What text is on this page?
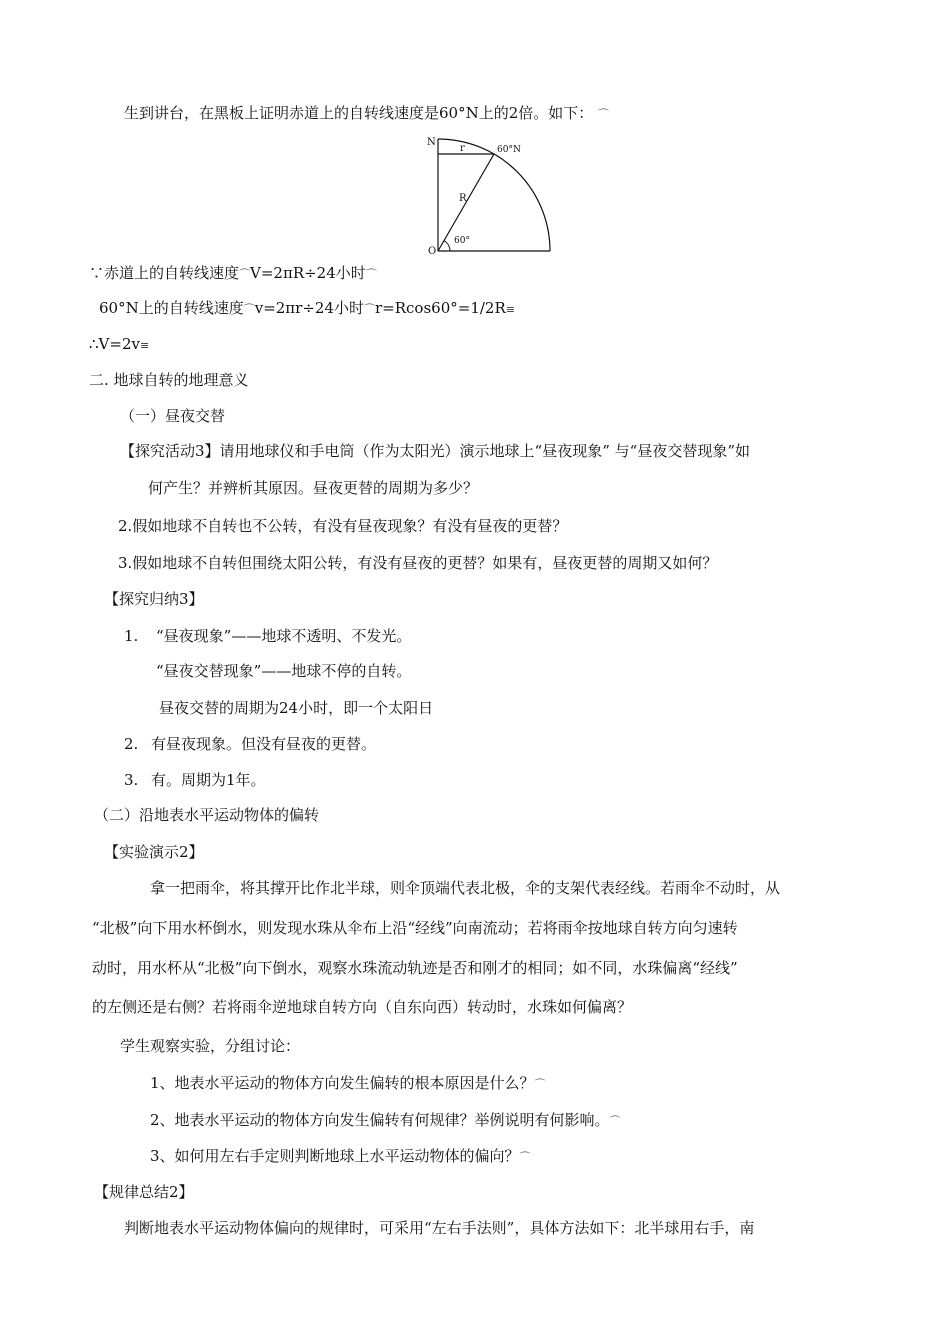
生到讲台，在黑板上证明赤道上的自转线速度是60°N上的2倍。如下： ⌒
N
r	60°N
R
O
60°
∵赤道上的自转线速度⌒V=2πR÷24小时⌒
60°N上的自转线速度⌒v=2πr÷24小时⌒r=Rcos60°=1/2R≡
∴V=2v≡
二. 地球自转的地理意义
（一）昼夜交替
【探究活动3】请用地球仪和手电筒（作为太阳光）演示地球上“昼夜现象” 与“昼夜交替现象”如
何产生？并辨析其原因。昼夜更替的周期为多少？
2.假如地球不自转也不公转，有没有昼夜现象？有没有昼夜的更替？
3.假如地球不自转但围绕太阳公转，有没有昼夜的更替？如果有，昼夜更替的周期又如何？
【探究归纳3】
1. “昼夜现象”——地球不透明、不发光。
“昼夜交替现象”——地球不停的自转。
昼夜交替的周期为24小时，即一个太阳日
2. 有昼夜现象。但没有昼夜的更替。
3. 有。周期为1年。
（二）沿地表水平运动物体的偏转
【实验演示2】
拿一把雨伞，将其撑开比作北半球，则伞顶端代表北极，伞的支架代表经线。若雨伞不动时，从
“北极”向下用水杯倒水，则发现水珠从伞布上沿“经线”向南流动；若将雨伞按地球自转方向匀速转
动时，用水杯从“北极”向下倒水，观察水珠流动轨迹是否和刚才的相同；如不同，水珠偏离“经线”
的左侧还是右侧？若将雨伞逆地球自转方向（自东向西）转动时，水珠如何偏离？
学生观察实验，分组讨论：
1、地表水平运动的物体方向发生偏转的根本原因是什么？⌒
2、地表水平运动的物体方向发生偏转有何规律？举例说明有何影响。⌒
3、如何用左右手定则判断地球上水平运动物体的偏向？⌒
【规律总结2】
判断地表水平运动物体偏向的规律时，可采用“左右手法则”，具体方法如下：北半球用右手，南
